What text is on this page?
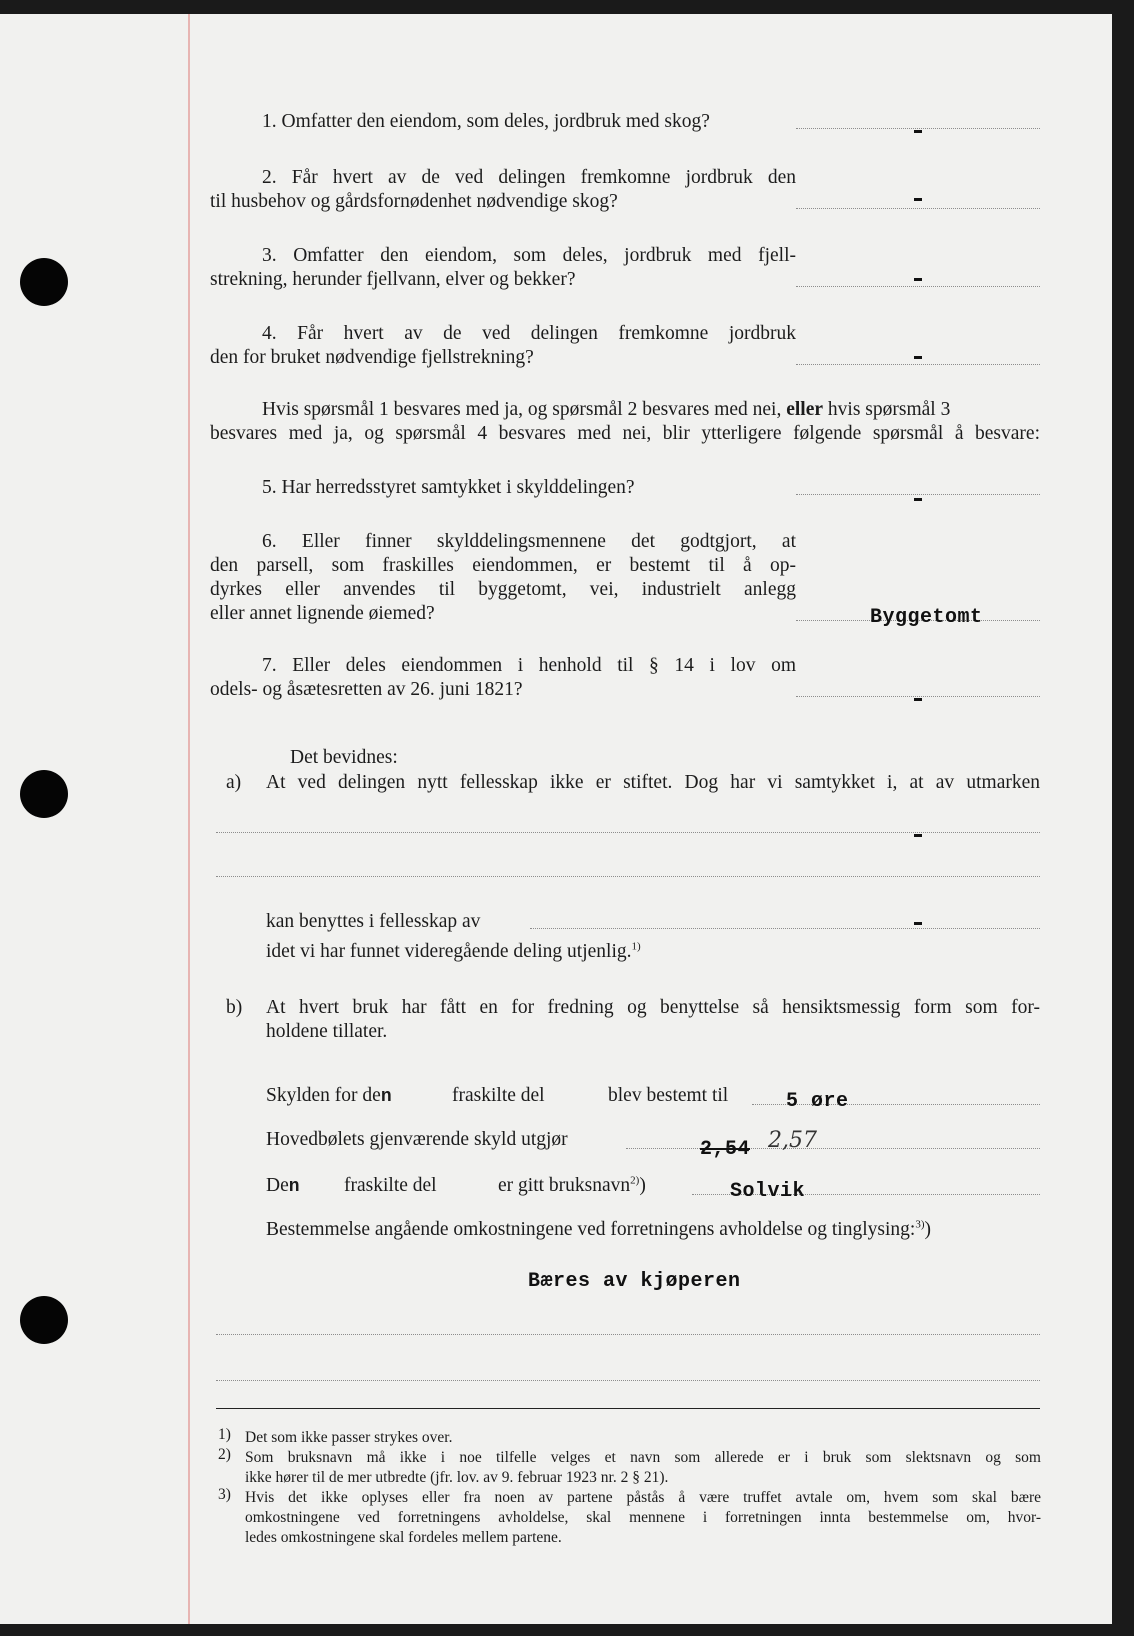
1. Omfatter den eiendom, som deles, jordbruk med skog?
2. Får hvert av de ved delingen fremkomne jordbruk den
til husbehov og gårdsfornødenhet nødvendige skog?
3. Omfatter den eiendom, som deles, jordbruk med fjell-
strekning, herunder fjellvann, elver og bekker?
4. Får hvert av de ved delingen fremkomne jordbruk
den for bruket nødvendige fjellstrekning?
Hvis spørsmål 1 besvares med ja, og spørsmål 2 besvares med nei, eller hvis spørsmål 3
besvares med ja, og spørsmål 4 besvares med nei, blir ytterligere følgende spørsmål å besvare:
5. Har herredsstyret samtykket i skylddelingen?
6. Eller finner skylddelingsmennene det godtgjort, at
den parsell, som fraskilles eiendommen, er bestemt til å op-
dyrkes eller anvendes til byggetomt, vei, industrielt anlegg
eller annet lignende øiemed?	Byggetomt
7. Eller deles eiendommen i henhold til § 14 i lov om
odels- og åsætesretten av 26. juni 1821?
Det bevidnes:
a) At ved delingen nytt fellesskap ikke er stiftet. Dog har vi samtykket i, at av utmarken
kan benyttes i fellesskap av
idet vi har funnet videregående deling utjenlig.$^{1)}$
b) At hvert bruk har fått en for fredning og benyttelse så hensiktsmessig form som for-
holdene tillater.
Skylden for den	fraskilte del	blev bestemt til	5 øre
Hovedbølets gjenværende skyld utgjør	2,54 2,57
Den fraskilte del	er gitt bruksnavn$^{2)}$)	Solvik
Bestemmelse angående omkostningene ved forretningens avholdelse og tinglysing:$^{3)}$)
Bæres av kjøperen
1) Det som ikke passer strykes over.
2) Som bruksnavn må ikke i noe tilfelle velges et navn som allerede er i bruk som slektsnavn og som
ikke hører til de mer utbredte (jfr. lov. av 9. februar 1923 nr. 2 § 21).
3) Hvis det ikke oplyses eller fra noen av partene påstås å være truffet avtale om, hvem som skal bære
omkostningene ved forretningens avholdelse, skal mennene i forretningen innta bestemmelse om, hvor-
ledes omkostningene skal fordeles mellem partene.
